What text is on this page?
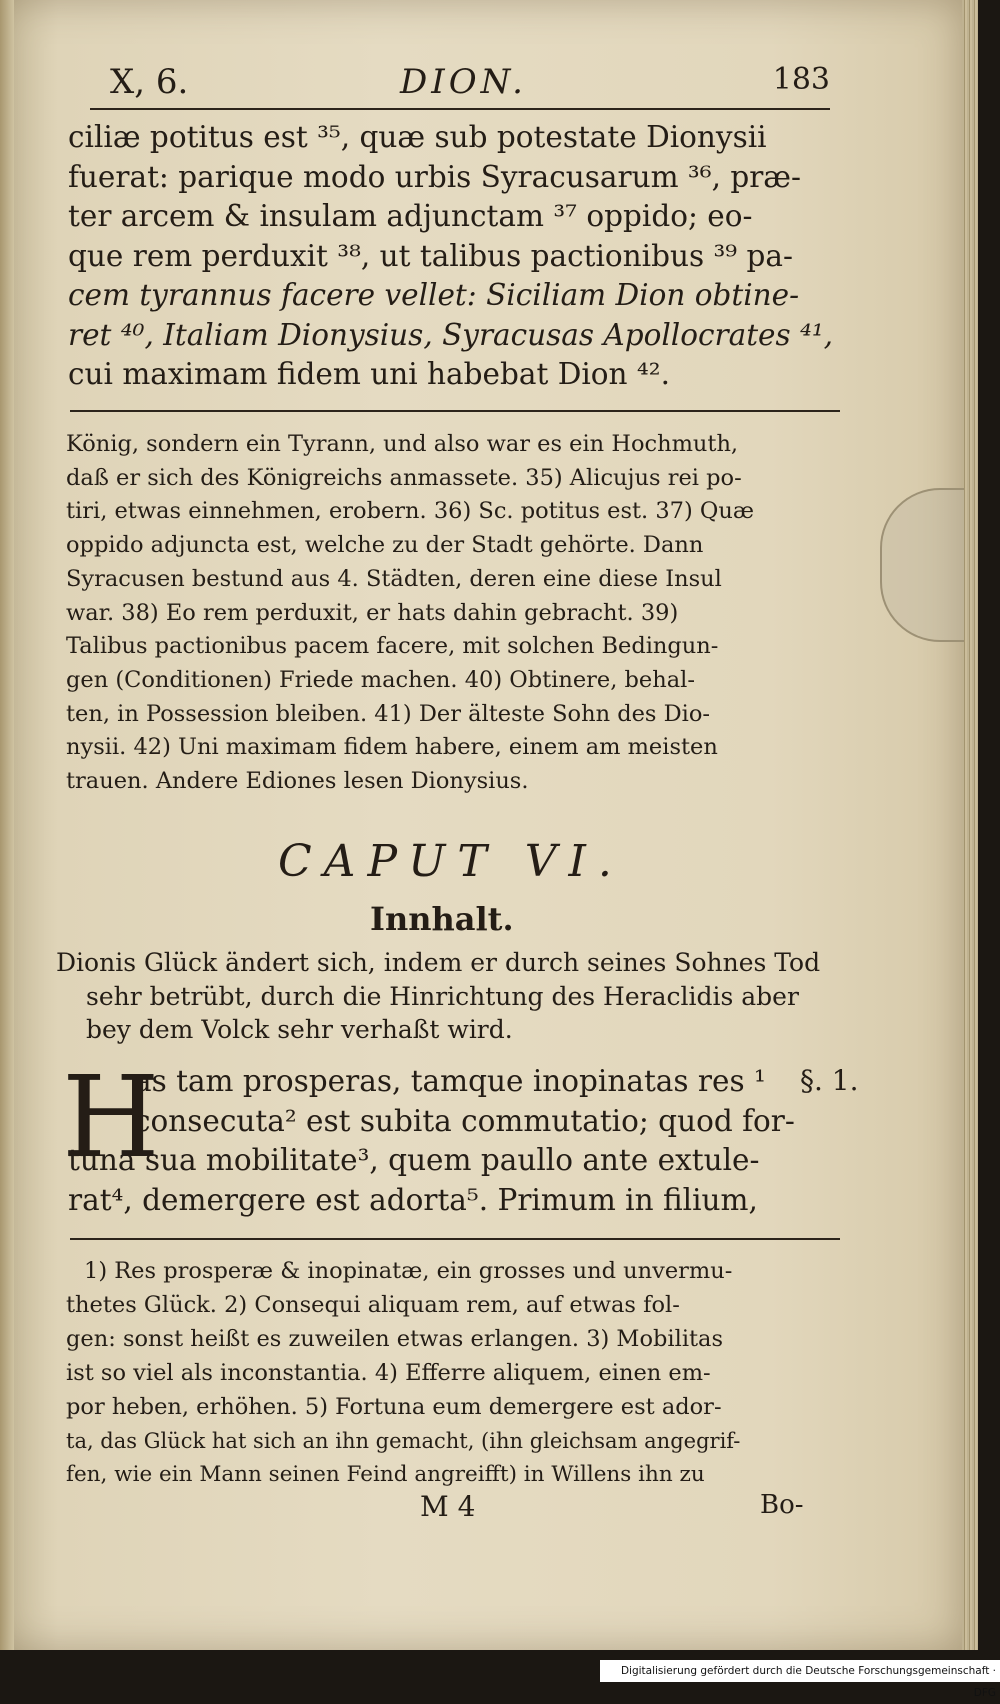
X, 6.	DION.	183
ciliæ potitus est ³⁵, quæ sub potestate Dionysii
fuerat: parique modo urbis Syracusarum ³⁶, præ-
ter arcem & insulam adjunctam ³⁷ oppido; eo-
que rem perduxit ³⁸, ut talibus pactionibus ³⁹ pa-
cem tyrannus facere vellet: Siciliam Dion obtine-
ret ⁴⁰, Italiam Dionysius, Syracusas Apollocrates ⁴¹,
cui maximam fidem uni habebat Dion ⁴².
König, sondern ein Tyrann, und also war es ein Hochmuth,
daß er sich des Königreichs anmassete. 35) Alicujus rei po-
tiri, etwas einnehmen, erobern. 36) Sc. potitus est. 37) Quæ
oppido adjuncta est, welche zu der Stadt gehörte. Dann
Syracusen bestund aus 4. Städten, deren eine diese Insul
war. 38) Eo rem perduxit, er hats dahin gebracht. 39)
Talibus pactionibus pacem facere, mit solchen Bedingun-
gen (Conditionen) Friede machen. 40) Obtinere, behal-
ten, in Possession bleiben. 41) Der älteste Sohn des Dio-
nysii. 42) Uni maximam fidem habere, einem am meisten
trauen. Andere Ediones lesen Dionysius.
CAPUT VI.
Innhalt.
Dionis Glück ändert sich, indem er durch seines Sohnes Tod
sehr betrübt, durch die Hinrichtung des Heraclidis aber
bey dem Volck sehr verhaßt wird.
H
as tam prosperas, tamque inopinatas res ¹
consecuta² est subita commutatio; quod for-
tuna sua mobilitate³, quem paullo ante extule-
rat⁴, demergere est adorta⁵. Primum in filium,
§. 1.
1) Res prosperæ & inopinatæ, ein grosses und unvermu-
thetes Glück. 2) Consequi aliquam rem, auf etwas fol-
gen: sonst heißt es zuweilen etwas erlangen. 3) Mobilitas
ist so viel als inconstantia. 4) Efferre aliquem, einen em-
por heben, erhöhen. 5) Fortuna eum demergere est ador-
ta, das Glück hat sich an ihn gemacht, (ihn gleichsam angegrif-
fen, wie ein Mann seinen Feind angreifft) in Willens ihn zu
M 4	Bo-
Digitalisierung gefördert durch die Deutsche Forschungsgemeinschaft · DFG
